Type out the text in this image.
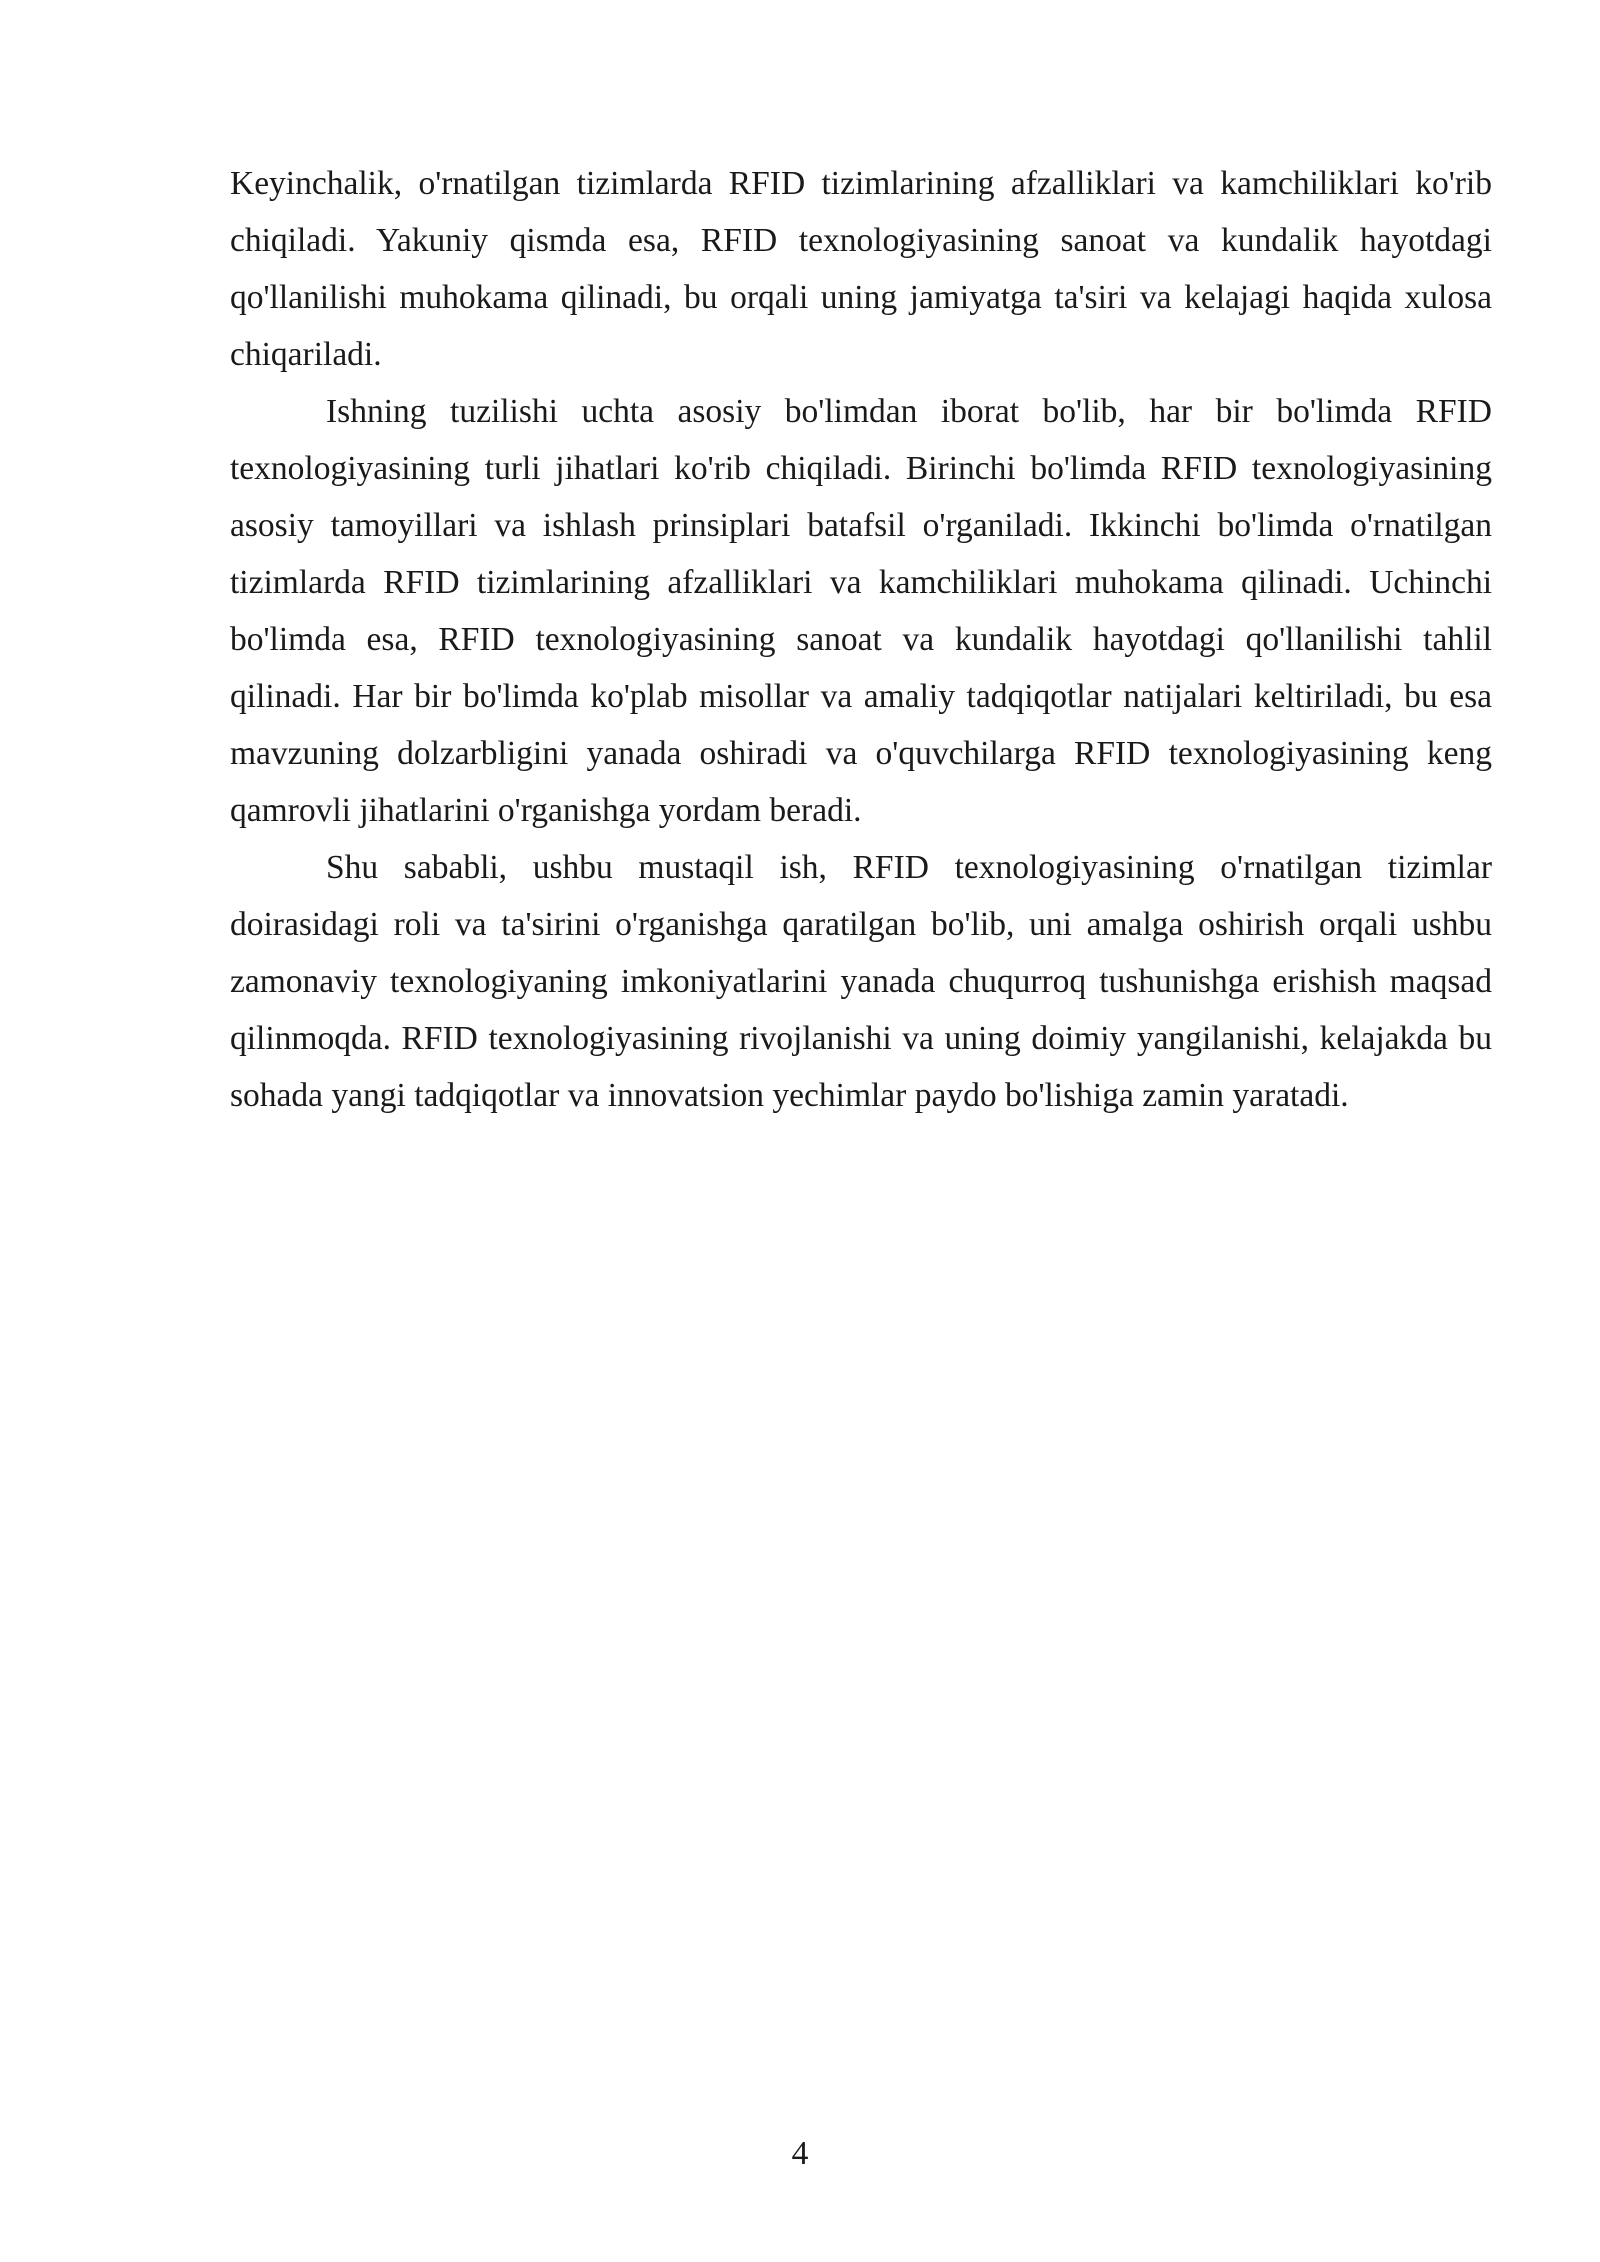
Keyinchalik, o'rnatilgan tizimlarda RFID tizimlarining afzalliklari va kamchiliklari ko'rib chiqiladi. Yakuniy qismda esa, RFID texnologiyasining sanoat va kundalik hayotdagi qo'llanilishi muhokama qilinadi, bu orqali uning jamiyatga ta'siri va kelajagi haqida xulosa chiqariladi.

Ishning tuzilishi uchta asosiy bo'limdan iborat bo'lib, har bir bo'limda RFID texnologiyasining turli jihatlari ko'rib chiqiladi. Birinchi bo'limda RFID texnologiyasining asosiy tamoyillari va ishlash prinsiplari batafsil o'rganiladi. Ikkinchi bo'limda o'rnatilgan tizimlarda RFID tizimlarining afzalliklari va kamchiliklari muhokama qilinadi. Uchinchi bo'limda esa, RFID texnologiyasining sanoat va kundalik hayotdagi qo'llanilishi tahlil qilinadi. Har bir bo'limda ko'plab misollar va amaliy tadqiqotlar natijalari keltiriladi, bu esa mavzuning dolzarbligini yanada oshiradi va o'quvchilarga RFID texnologiyasining keng qamrovli jihatlarini o'rganishga yordam beradi.

Shu sababli, ushbu mustaqil ish, RFID texnologiyasining o'rnatilgan tizimlar doirasidagi roli va ta'sirini o'rganishga qaratilgan bo'lib, uni amalga oshirish orqali ushbu zamonaviy texnologiyaning imkoniyatlarini yanada chuqurroq tushunishga erishish maqsad qilinmoqda. RFID texnologiyasining rivojlanishi va uning doimiy yangilanishi, kelajakda bu sohada yangi tadqiqotlar va innovatsion yechimlar paydo bo'lishiga zamin yaratadi.

4
